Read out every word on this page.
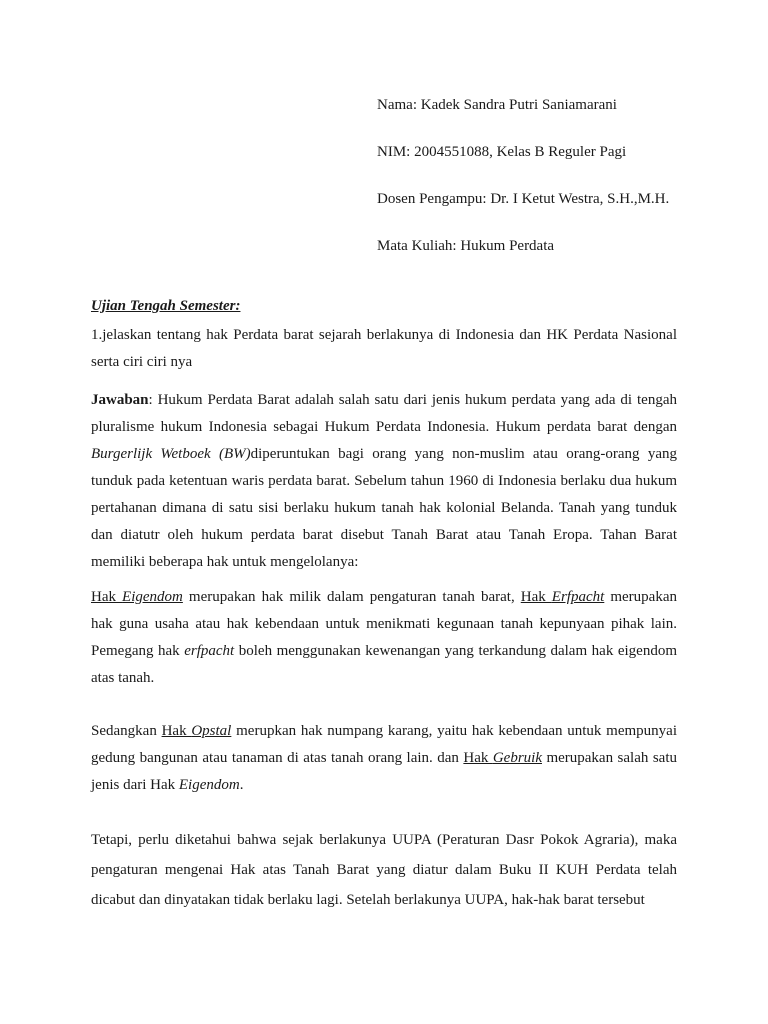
Nama: Kadek Sandra Putri Saniamarani
NIM: 2004551088, Kelas B Reguler Pagi
Dosen Pengampu: Dr. I Ketut Westra, S.H.,M.H.
Mata Kuliah: Hukum Perdata
Ujian Tengah Semester:

1.jelaskan tentang hak Perdata barat sejarah berlakunya di Indonesia dan HK Perdata Nasional serta ciri ciri nya

Jawaban: Hukum Perdata Barat adalah salah satu dari jenis hukum perdata yang ada di tengah pluralisme hukum Indonesia sebagai Hukum Perdata Indonesia. Hukum perdata barat dengan Burgerlijk Wetboek (BW)diperuntukan bagi orang yang non-muslim atau orang-orang yang tunduk pada ketentuan waris perdata barat. Sebelum tahun 1960 di Indonesia berlaku dua hukum pertahanan dimana di satu sisi berlaku hukum tanah hak kolonial Belanda. Tanah yang tunduk dan diatutr oleh hukum perdata barat disebut Tanah Barat atau Tanah Eropa. Tahan Barat memiliki beberapa hak untuk mengelolanya:

Hak Eigendom merupakan hak milik dalam pengaturan tanah barat, Hak Erfpacht merupakan hak guna usaha atau hak kebendaan untuk menikmati kegunaan tanah kepunyaan pihak lain. Pemegang hak erfpacht boleh menggunakan kewenangan yang terkandung dalam hak eigendom atas tanah.

Sedangkan Hak Opstal merupkan hak numpang karang, yaitu hak kebendaan untuk mempunyai gedung bangunan atau tanaman di atas tanah orang lain. dan Hak Gebruik merupakan salah satu jenis dari Hak Eigendom.

Tetapi, perlu diketahui bahwa sejak berlakunya UUPA (Peraturan Dasr Pokok Agraria), maka pengaturan mengenai Hak atas Tanah Barat yang diatur dalam Buku II KUH Perdata telah dicabut dan dinyatakan tidak berlaku lagi. Setelah berlakunya UUPA, hak-hak barat tersebut
